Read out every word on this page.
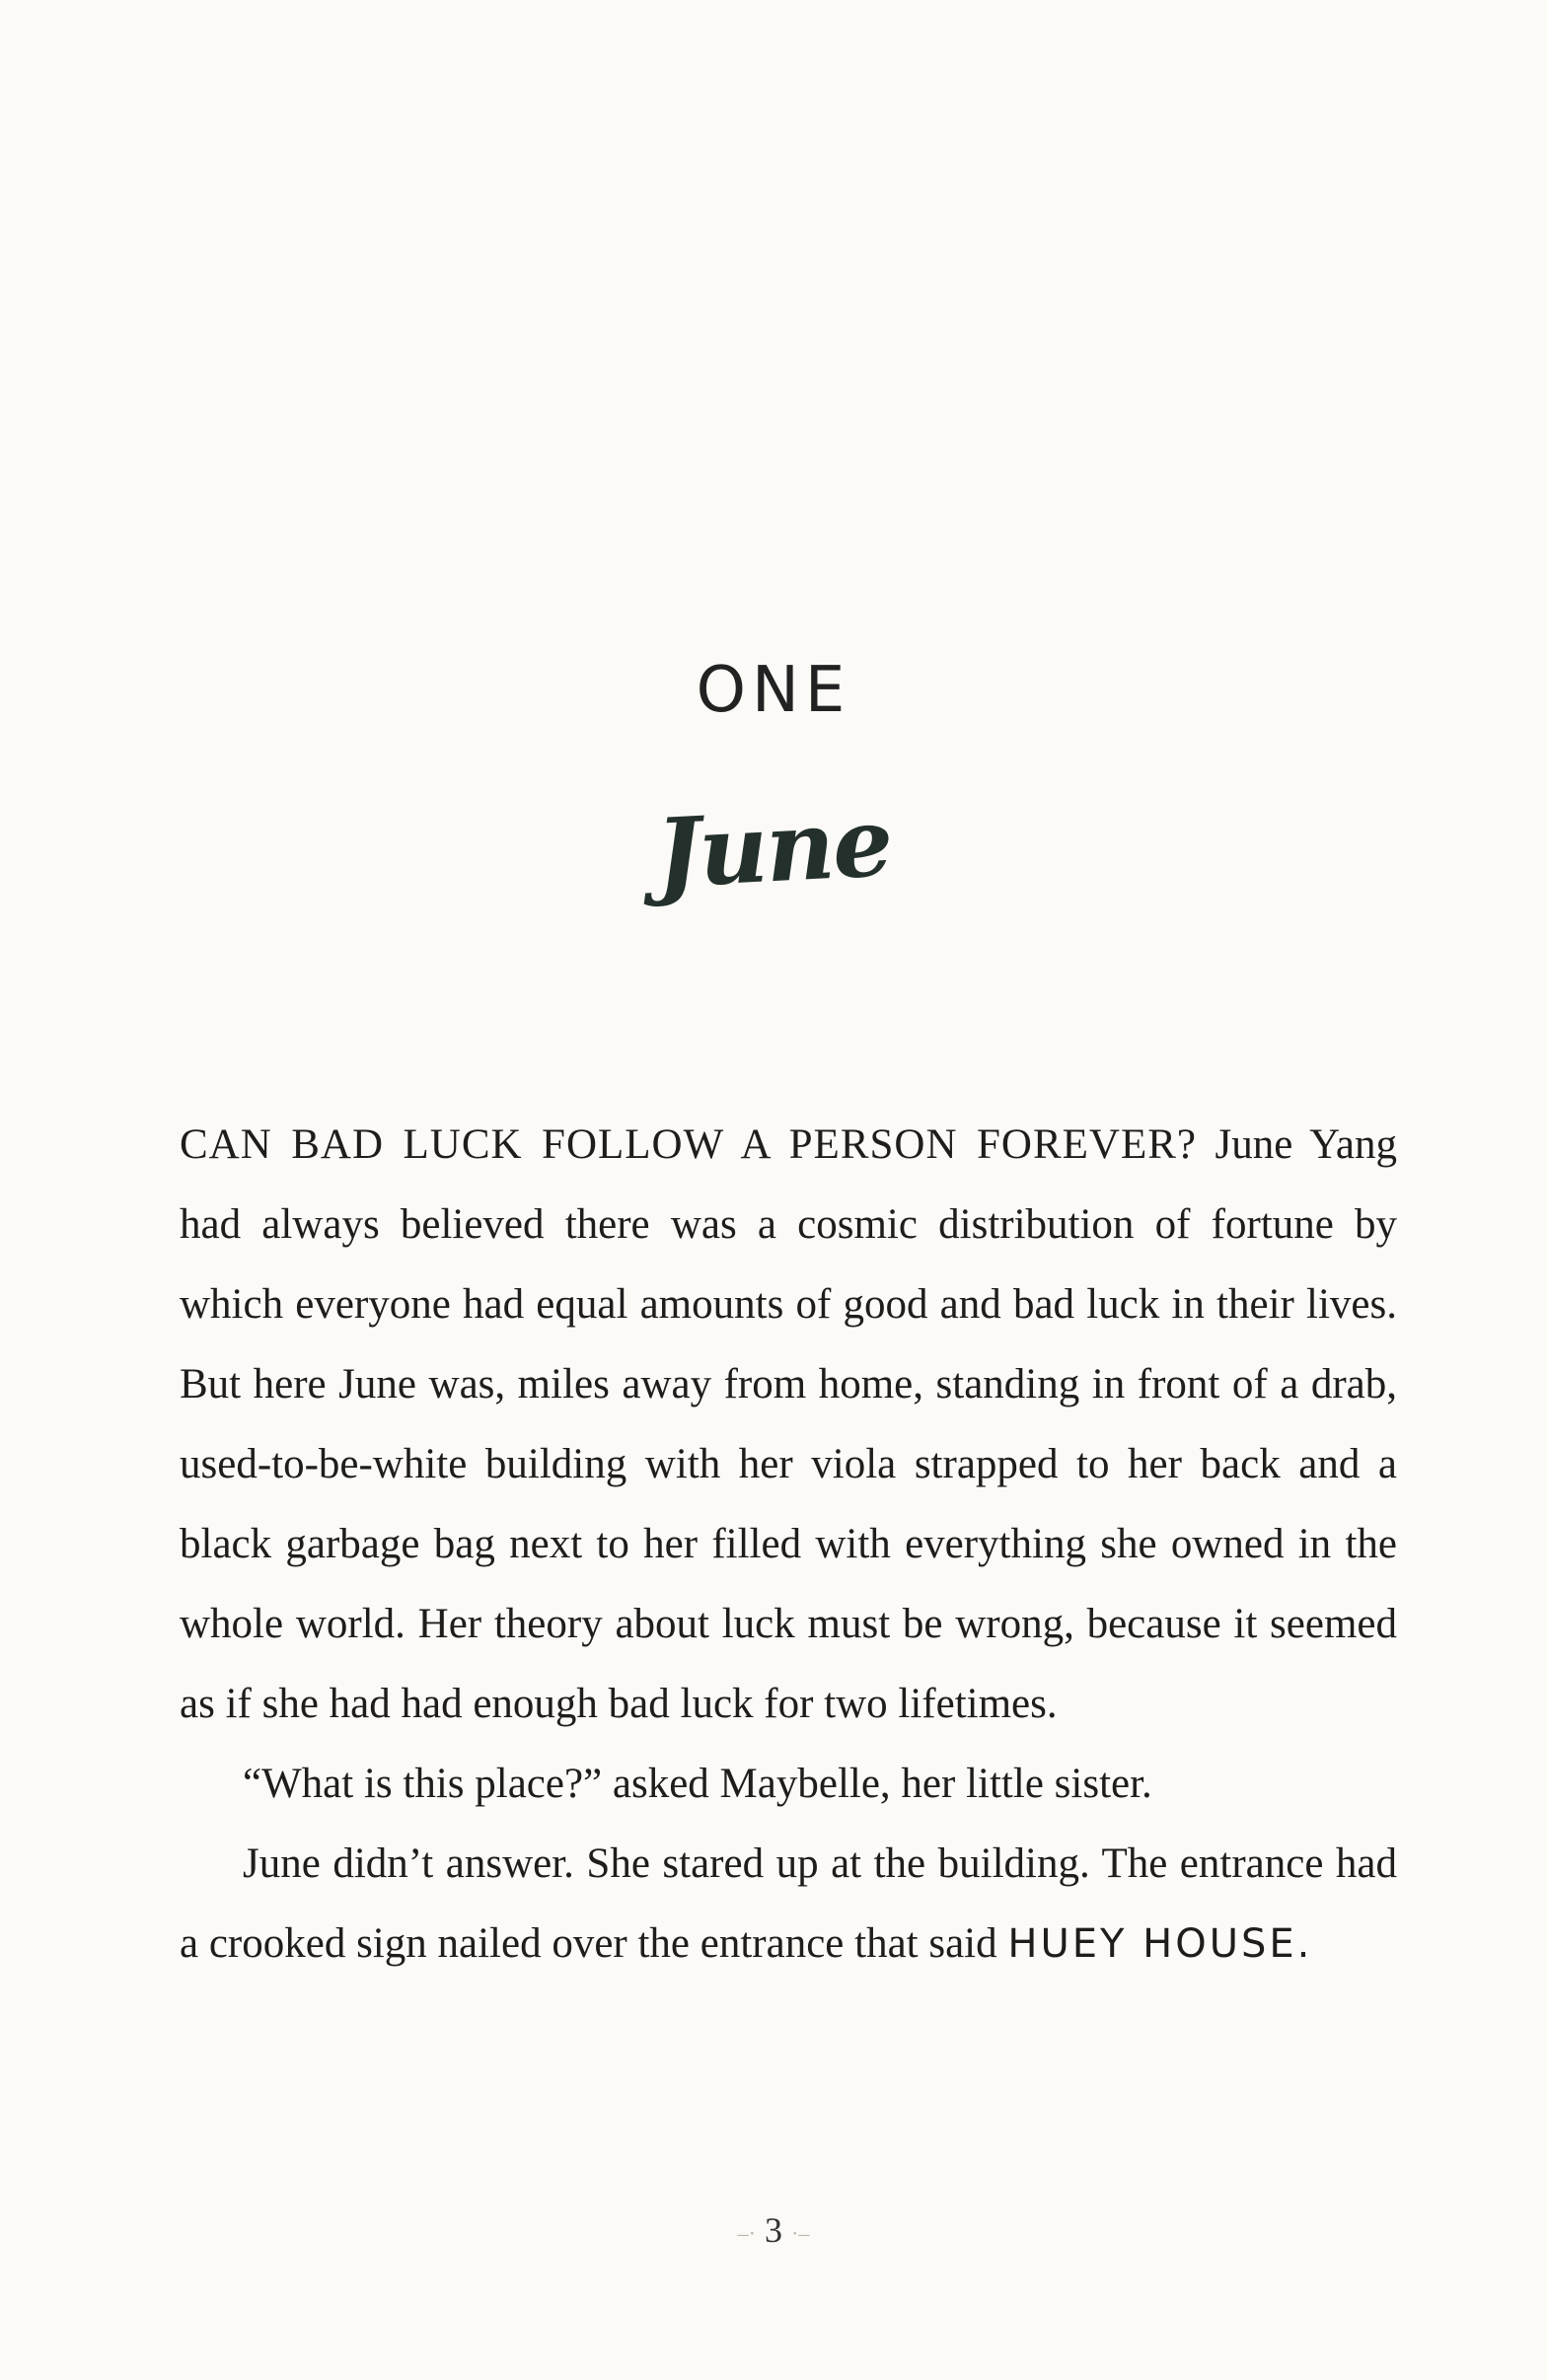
ONE
June

CAN BAD LUCK FOLLOW A PERSON FOREVER? June Yang had always believed there was a cosmic distribution of fortune by which everyone had equal amounts of good and bad luck in their lives. But here June was, miles away from home, standing in front of a drab, used-to-be-white building with her viola strapped to her back and a black garbage bag next to her filled with everything she owned in the whole world. Her theory about luck must be wrong, because it seemed as if she had had enough bad luck for two lifetimes.

“What is this place?” asked Maybelle, her little sister.

June didn’t answer. She stared up at the building. The entrance had a crooked sign nailed over the entrance that said HUEY HOUSE.

–· 3 ·–
